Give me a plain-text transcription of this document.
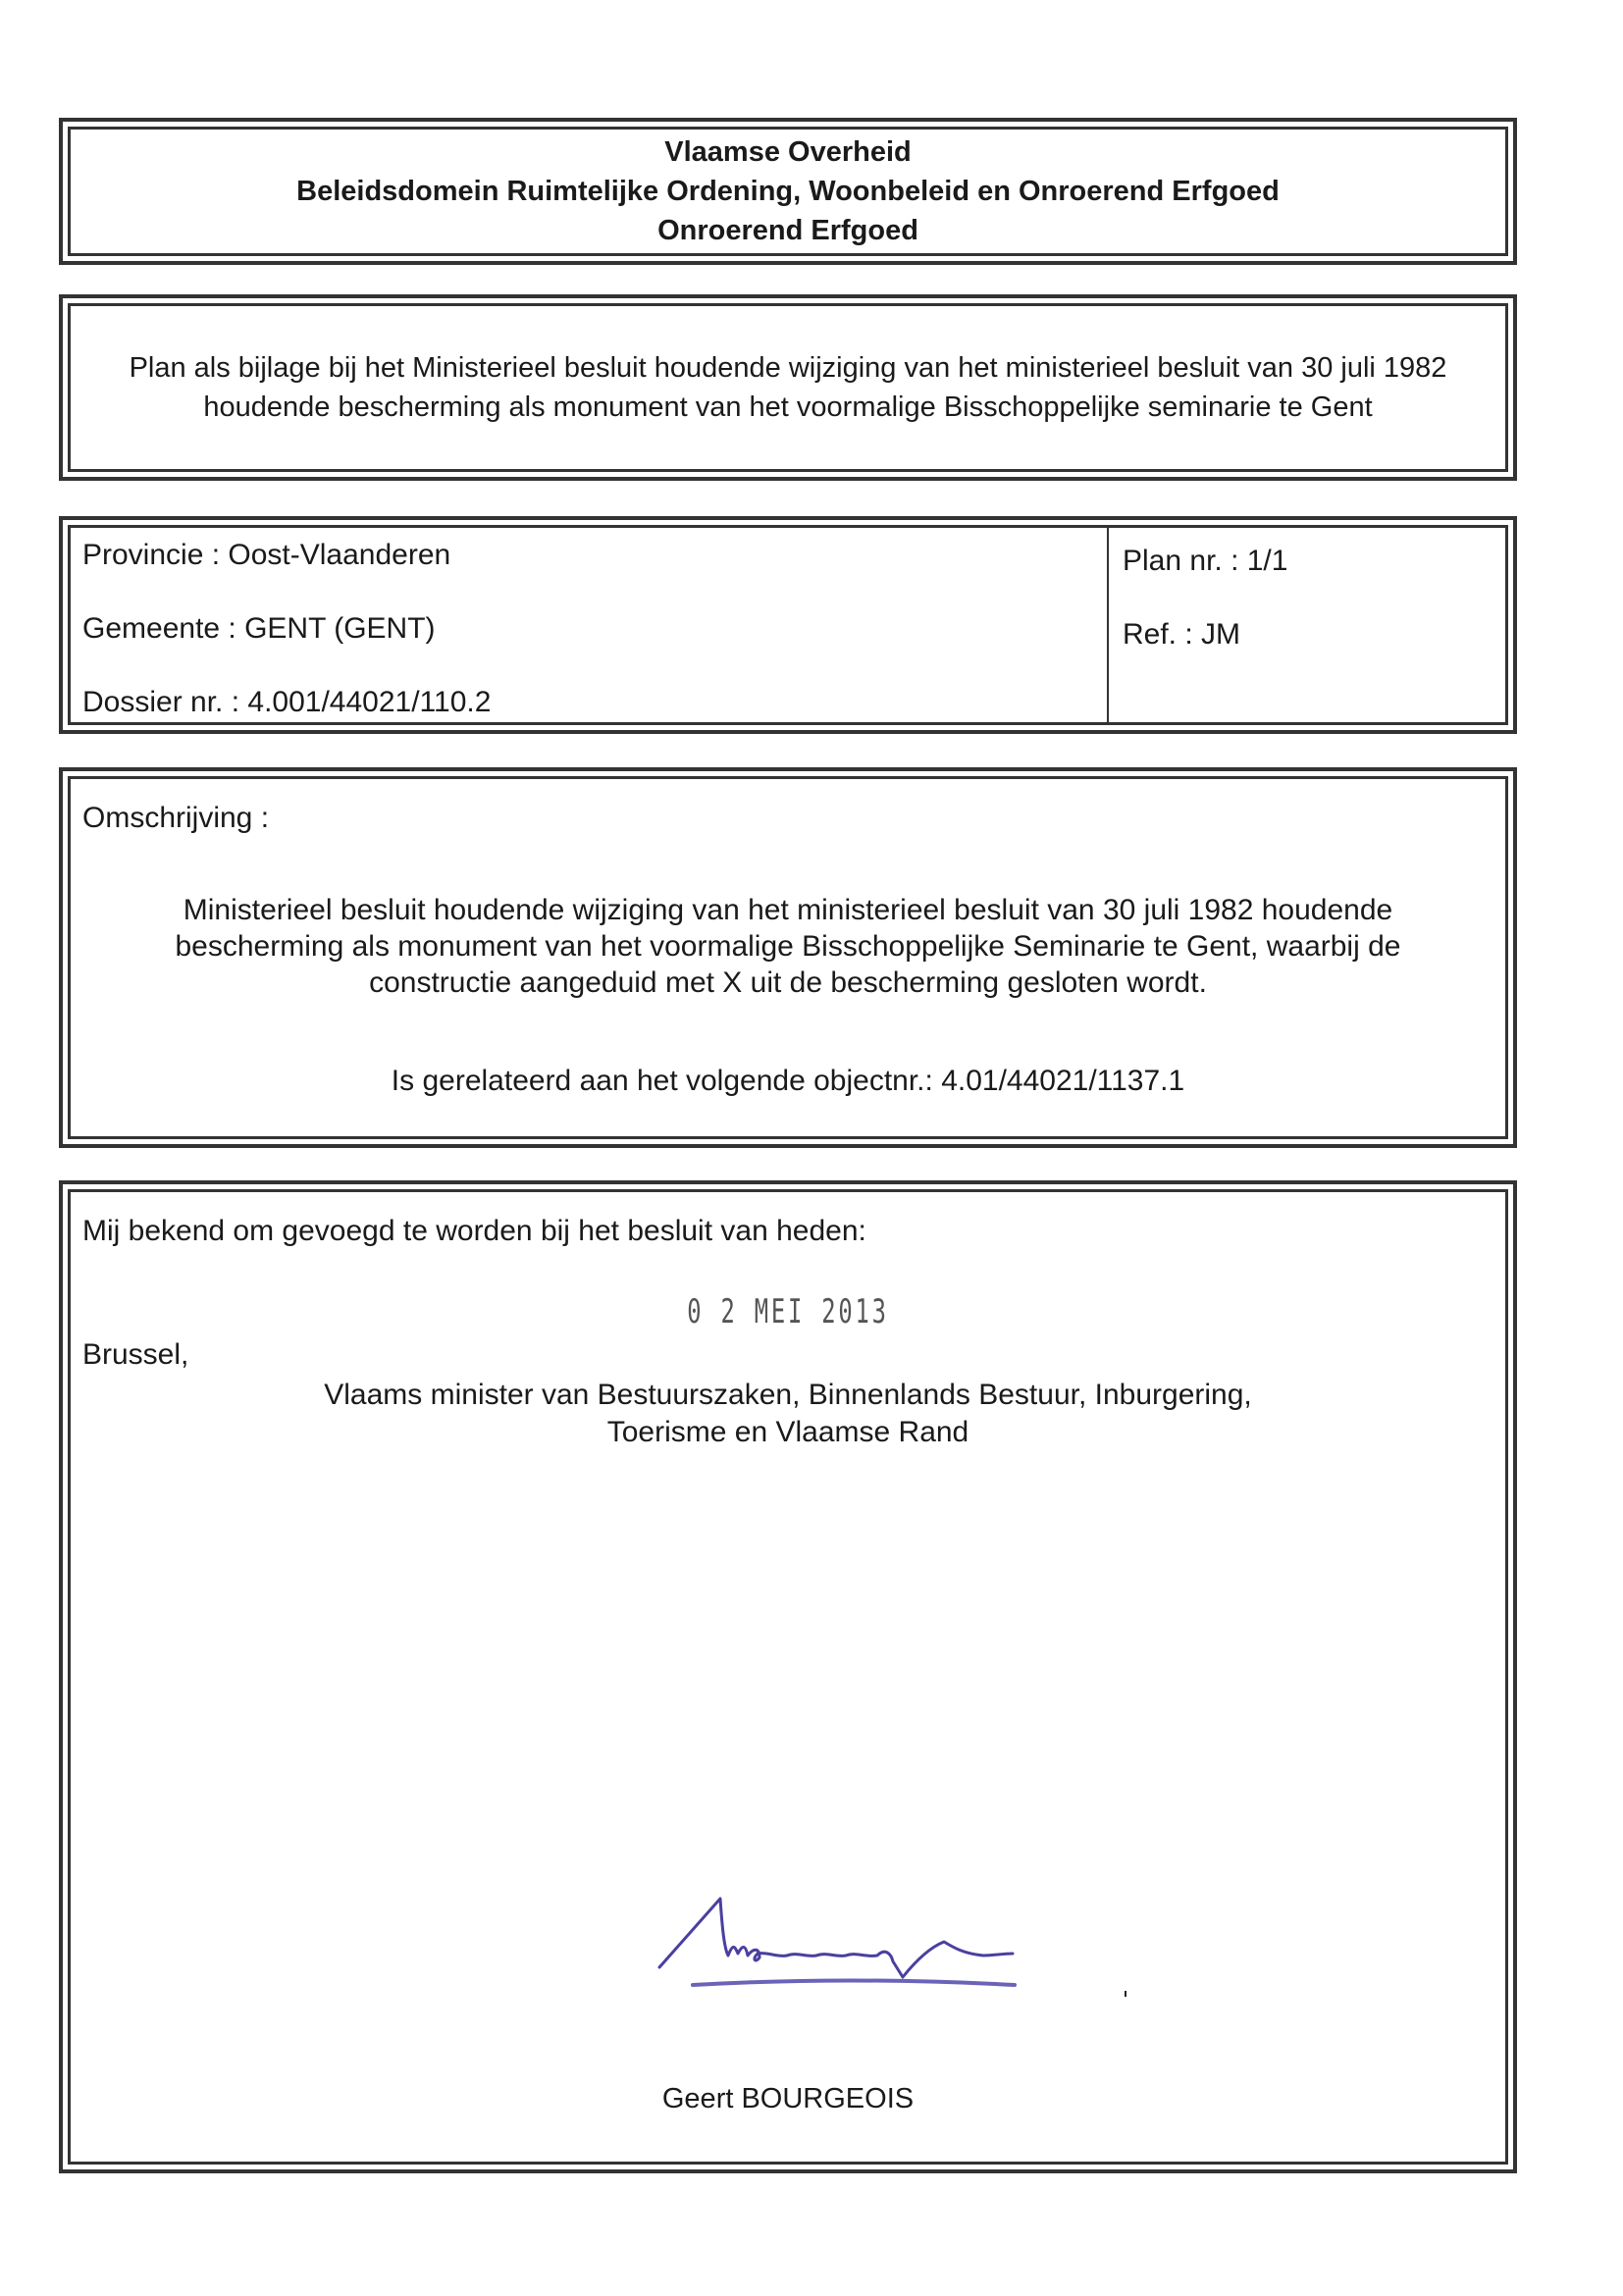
Vlaamse Overheid
Beleidsdomein Ruimtelijke Ordening, Woonbeleid en Onroerend Erfgoed
Onroerend Erfgoed
Plan als bijlage bij het Ministerieel besluit houdende wijziging van het ministerieel besluit van 30 juli 1982 houdende bescherming als monument van het voormalige Bisschoppelijke seminarie te Gent
Provincie : Oost-Vlaanderen
Gemeente : GENT (GENT)
Dossier nr. : 4.001/44021/110.2
Plan nr. : 1/1
Ref. : JM
Omschrijving :
Ministerieel besluit houdende wijziging van het ministerieel besluit van 30 juli 1982 houdende bescherming als monument van het voormalige Bisschoppelijke Seminarie te Gent, waarbij de constructie aangeduid met X uit de bescherming gesloten wordt.
Is gerelateerd aan het volgende objectnr.: 4.01/44021/1137.1
Mij bekend om gevoegd te worden bij het besluit van heden:
0 2 MEI 2013
Brussel,
Vlaams minister van Bestuurszaken, Binnenlands Bestuur, Inburgering,
Toerisme en Vlaamse Rand
Geert BOURGEOIS
